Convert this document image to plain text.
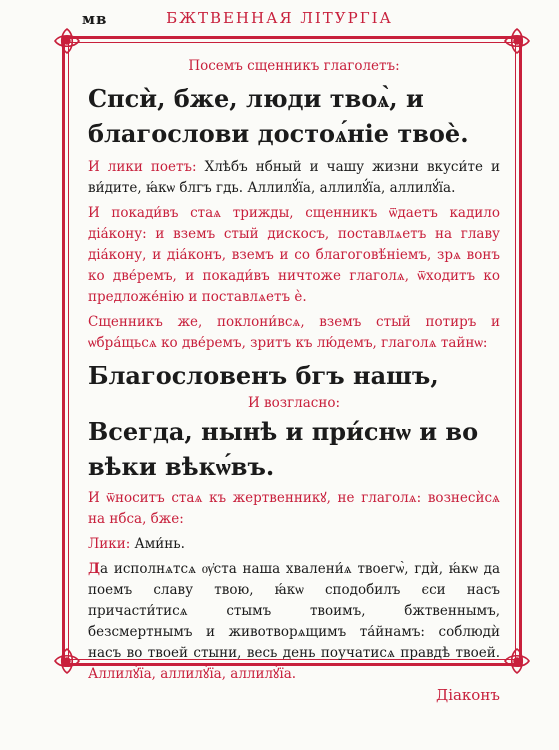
мв	БЖТВЕННАЯ ЛІТУРГІА

Посемъ сщенникъ глаголетъ:

Спсѝ, бже, люди твоѧ̀, и благослови достоѧ́ніе твоѐ.

И лики поетъ: Хлѣбъ нбный и чашу жизни вкуси́те и ви́дите, ꙗ́кѡ блгъ гдь. Аллилꙋ́їа, аллилꙋ́їа, аллилꙋ́їа.

И покади́въ стаѧ трижды, сщенникъ ѿдаетъ кадило діа́кону: и вземъ стый дискосъ, поставлѧетъ на главу діа́кону, и діа́конъ, вземъ и со благоговѣ́ніемъ, зрѧ вонъ ко две́ремъ, и покади́въ ничтоже глаголѧ, ѿходитъ ко предложе́нію и поставлѧетъ ѐ.

Сщенникъ же, поклони́всѧ, вземъ стый потиръ и ѡбра́щьсѧ ко две́ремъ, зритъ къ лю́демъ, глаголѧ тайнѡ:

Благословенъ бгъ нашъ,

И возгласно:

Всегда, нынѣ и при́снѡ и во вѣки вѣкѡ́въ.

И ѿноситъ стаѧ къ жертвенникꙋ, не глаголѧ: вознесѝсѧ на нбса, бже:

Лики: Ами́нь.

Да исполнѧтсѧ ѹ҆ста наша хвалени́ѧ твоегѡ̀, гдѝ, ꙗ́кѡ да поемъ славу твою, ꙗ́кѡ сподобилъ єси насъ причасти́тисѧ стымъ твоимъ, бжтвеннымъ, безсмертнымъ и животворѧщимъ та́йнамъ: соблюдѝ насъ во твоей стыни, весь день поучатисѧ правдѣ твоей. Аллилꙋ́їа, аллилꙋ́їа, аллилꙋ́їа.

Діаконъ
